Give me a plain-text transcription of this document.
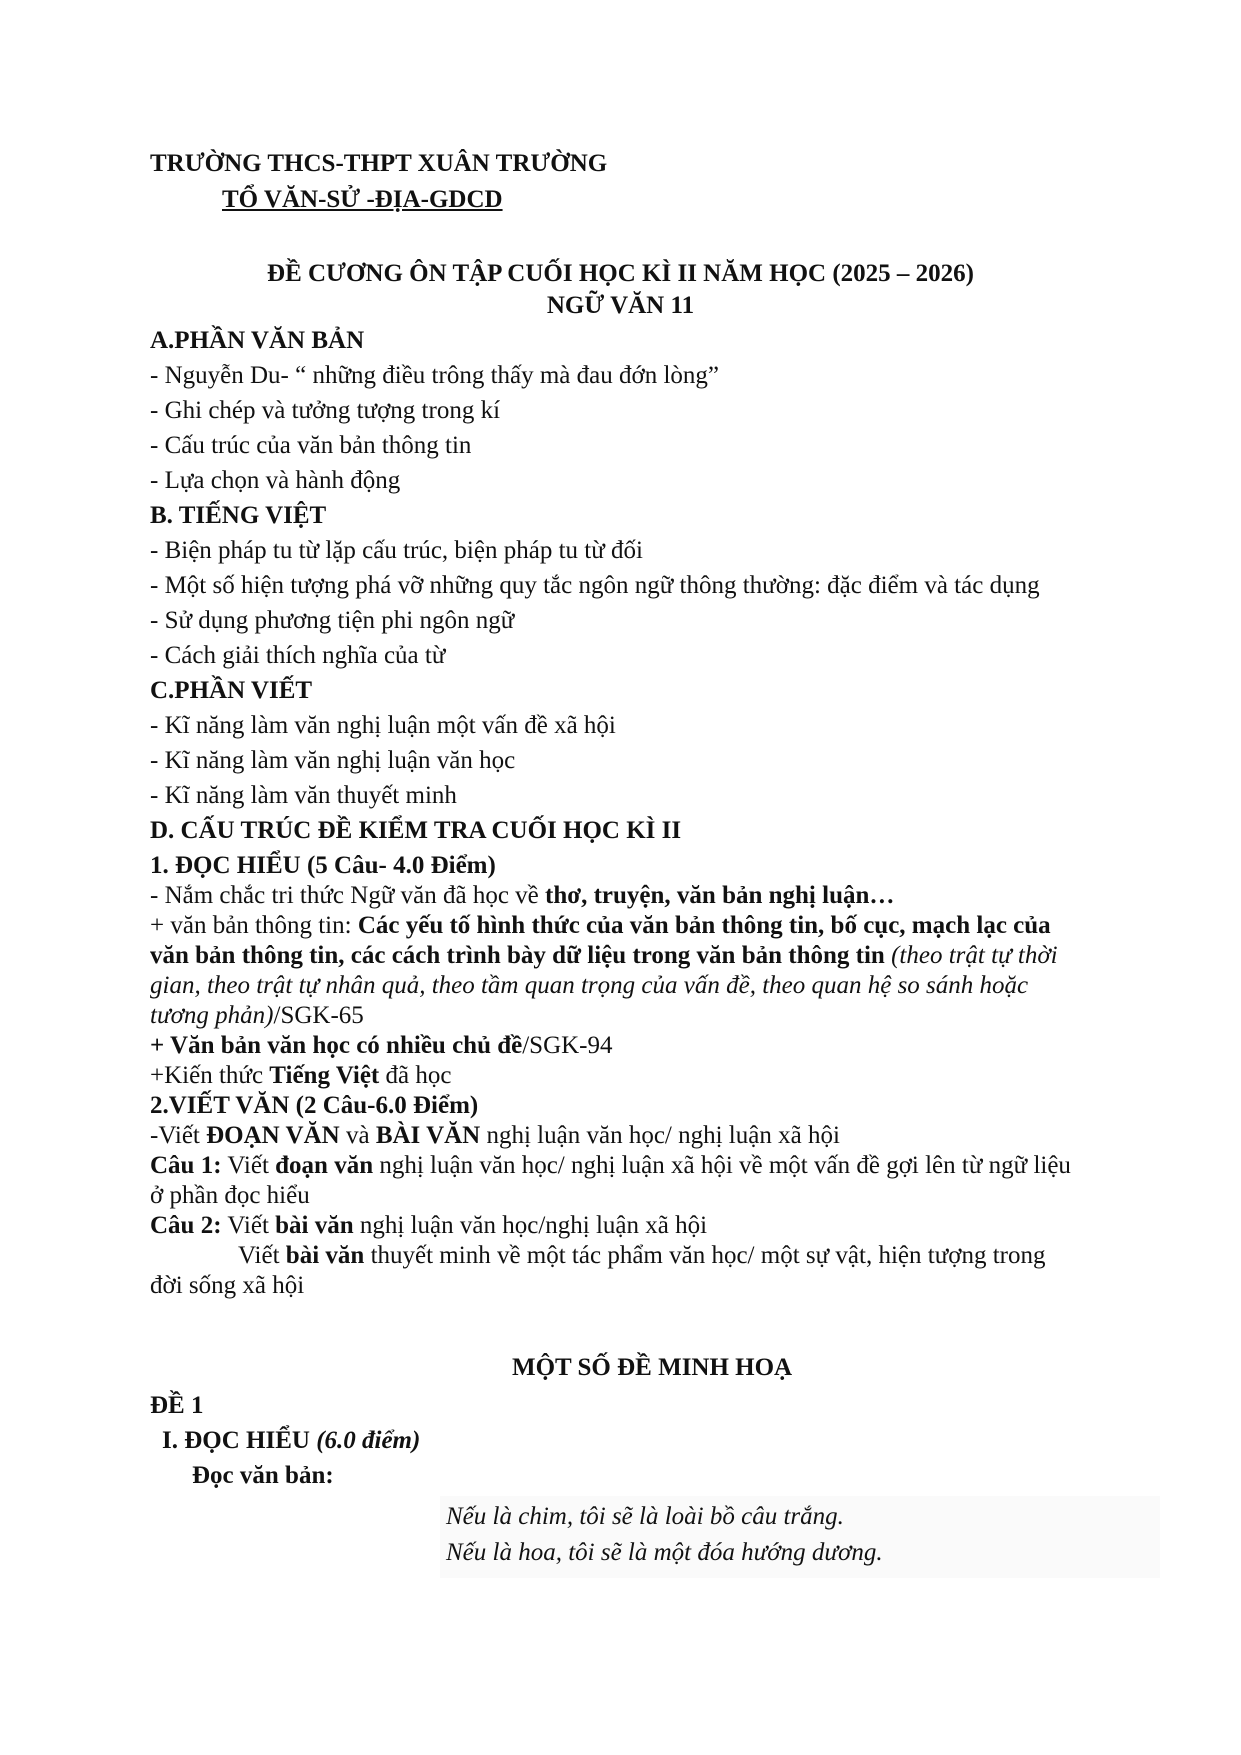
TRƯỜNG THCS-THPT XUÂN TRƯỜNG
TỔ VĂN-SỬ -ĐỊA-GDCD
ĐỀ CƯƠNG ÔN TẬP CUỐI HỌC KÌ II NĂM HỌC (2025 – 2026)
NGỮ VĂN 11
A.PHẦN VĂN BẢN
- Nguyễn Du- “ những điều trông thấy mà đau đớn lòng”
- Ghi chép và tưởng tượng trong kí
- Cấu trúc của văn bản thông tin
- Lựa chọn và hành động
B. TIẾNG VIỆT
- Biện pháp tu từ lặp cấu trúc, biện pháp tu từ đối
- Một số hiện tượng phá vỡ những quy tắc ngôn ngữ thông thường: đặc điểm và tác dụng
- Sử dụng phương tiện phi ngôn ngữ
- Cách giải thích nghĩa của từ
C.PHẦN VIẾT
- Kĩ năng làm văn nghị luận một vấn đề xã hội
- Kĩ năng làm văn nghị luận văn học
- Kĩ năng làm văn thuyết minh
D. CẤU TRÚC ĐỀ KIỂM TRA CUỐI HỌC KÌ II
1. ĐỌC HIỂU (5 Câu- 4.0 Điểm)
- Nắm chắc tri thức Ngữ văn đã học về thơ, truyện, văn bản nghị luận…
+ văn bản thông tin: Các yếu tố hình thức của văn bản thông tin, bố cục, mạch lạc của
văn bản thông tin, các cách trình bày dữ liệu trong văn bản thông tin (theo trật tự thời
gian, theo trật tự nhân quả, theo tầm quan trọng của vấn đề, theo quan hệ so sánh hoặc
tương phản)/SGK-65
+ Văn bản văn học có nhiều chủ đề/SGK-94
+Kiến thức Tiếng Việt đã học
2.VIẾT VĂN (2 Câu-6.0 Điểm)
-Viết ĐOẠN VĂN và BÀI VĂN nghị luận văn học/ nghị luận xã hội
Câu 1: Viết đoạn văn nghị luận văn học/ nghị luận xã hội về một vấn đề gợi lên từ ngữ liệu
ở phần đọc hiểu
Câu 2: Viết bài văn nghị luận văn học/nghị luận xã hội
Viết bài văn thuyết minh về một tác phẩm văn học/ một sự vật, hiện tượng trong
đời sống xã hội
MỘT SỐ ĐỀ MINH HOẠ
ĐỀ 1
I. ĐỌC HIỂU (6.0 điểm)
Đọc văn bản:
Nếu là chim, tôi sẽ là loài bồ câu trắng.
Nếu là hoa, tôi sẽ là một đóa hướng dương.
